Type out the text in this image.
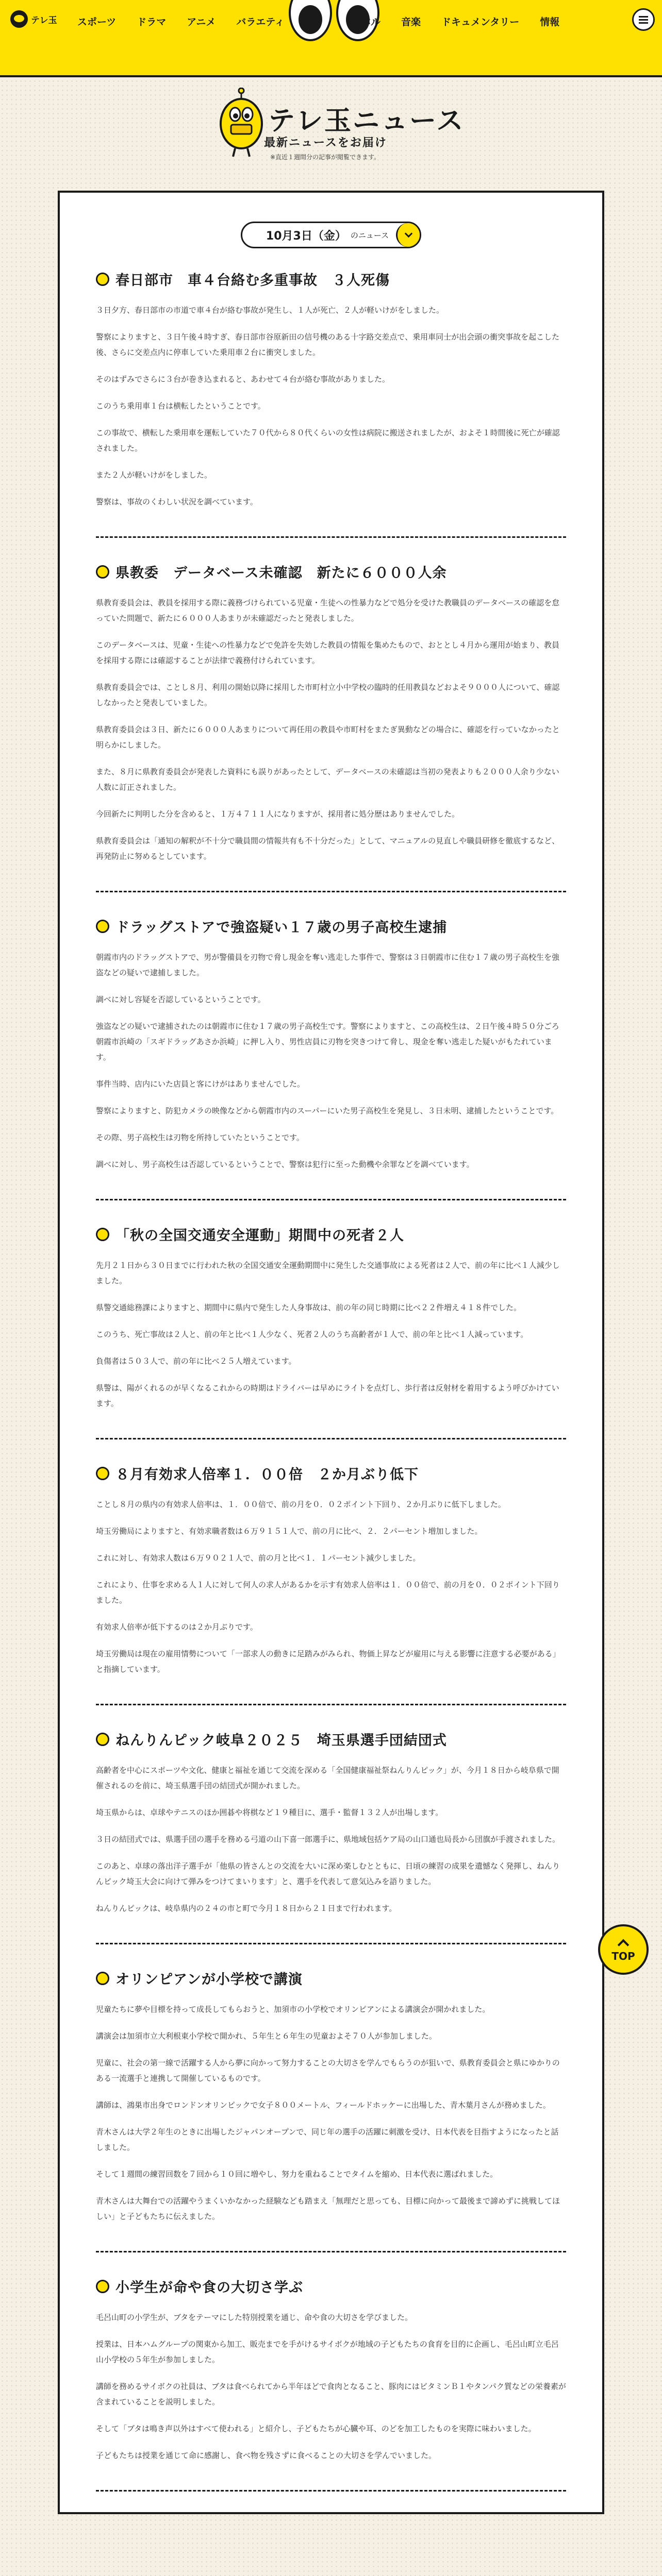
テレ玉 スポーツ ドラマ アニメ バラエティ	バル 音楽 ドキュメンタリー 情報
テレ玉ニュース
最新ニュースをお届け
※直近１週間分の記事が閲覧できます。
10月3日（金） のニュース
春日部市　車４台絡む多重事故　３人死傷

３日夕方、春日部市の市道で車４台が絡む事故が発生し、１人が死亡、２人が軽いけがをしました。

警察によりますと、３日午後４時すぎ、春日部市谷原新田の信号機のある十字路交差点で、乗用車同士が出会頭の衝突事故を起こした後、さらに交差点内に停車していた乗用車２台に衝突しました。

そのはずみでさらに３台が巻き込まれると、あわせて４台が絡む事故がありました。

このうち乗用車１台は横転したということです。

この事故で、横転した乗用車を運転していた７０代から８０代くらいの女性は病院に搬送されましたが、およそ１時間後に死亡が確認されました。

また２人が軽いけがをしました。

警察は、事故のくわしい状況を調べています。

県教委　データベース未確認　新たに６０００人余

県教育委員会は、教員を採用する際に義務づけられている児童・生徒への性暴力などで処分を受けた教職員のデータベースの確認を怠っていた問題で、新たに６０００人あまりが未確認だったと発表しました。

このデータベースは、児童・生徒への性暴力などで免許を失効した教員の情報を集めたもので、おととし４月から運用が始まり、教員を採用する際には確認することが法律で義務付けられています。

県教育委員会では、ことし８月、利用の開始以降に採用した市町村立小中学校の臨時的任用教員などおよそ９０００人について、確認しなかったと発表していました。

県教育委員会は３日、新たに６０００人あまりについて再任用の教員や市町村をまたぎ異動などの場合に、確認を行っていなかったと明らかにしました。

また、８月に県教育委員会が発表した資料にも誤りがあったとして、データベースの未確認は当初の発表よりも２０００人余り少ない人数に訂正されました。

今回新たに判明した分を含めると、１万４７１１人になりますが、採用者に処分歴はありませんでした。

県教育委員会は「通知の解釈が不十分で職員間の情報共有も不十分だった」として、マニュアルの見直しや職員研修を徹底するなど、再発防止に努めるとしています。

ドラッグストアで強盗疑い１７歳の男子高校生逮捕

朝霞市内のドラッグストアで、男が警備員を刃物で脅し現金を奪い逃走した事件で、警察は３日朝霞市に住む１７歳の男子高校生を強盗などの疑いで逮捕しました。

調べに対し容疑を否認しているということです。

強盗などの疑いで逮捕されたのは朝霞市に住む１７歳の男子高校生です。警察によりますと、この高校生は、２日午後４時５０分ごろ朝霞市浜崎の「スギドラッグあさか浜崎」に押し入り、男性店員に刃物を突きつけて脅し、現金を奪い逃走した疑いがもたれています。

事件当時、店内にいた店員と客にけがはありませんでした。

警察によりますと、防犯カメラの映像などから朝霞市内のスーパーにいた男子高校生を発見し、３日未明、逮捕したということです。

その際、男子高校生は刃物を所持していたということです。

調べに対し、男子高校生は否認しているということで、警察は犯行に至った動機や余罪などを調べています。

「秋の全国交通安全運動」期間中の死者２人

先月２１日から３０日までに行われた秋の全国交通安全運動期間中に発生した交通事故による死者は２人で、前の年に比べ１人減少しました。

県警交通総務課によりますと、期間中に県内で発生した人身事故は、前の年の同じ時期に比べ２２件増え４１８件でした。

このうち、死亡事故は２人と、前の年と比べ１人少なく、死者２人のうち高齢者が１人で、前の年と比べ１人減っています。

負傷者は５０３人で、前の年に比べ２５人増えています。

県警は、陽がくれるのが早くなるこれからの時期はドライバーは早めにライトを点灯し、歩行者は反射材を着用するよう呼びかけています。

８月有効求人倍率１．００倍　２か月ぶり低下

ことし８月の県内の有効求人倍率は、１．００倍で、前の月を０．０２ポイント下回り、２か月ぶりに低下しました。

埼玉労働局によりますと、有効求職者数は６万９１５１人で、前の月に比べ、２．２パーセント増加しました。

これに対し、有効求人数は６万９０２１人で、前の月と比べ１．１パーセント減少しました。

これにより、仕事を求める人１人に対して何人の求人があるかを示す有効求人倍率は１．００倍で、前の月を０．０２ポイント下回りました。

有効求人倍率が低下するのは２か月ぶりです。

埼玉労働局は現在の雇用情勢について「一部求人の動きに足踏みがみられ、物価上昇などが雇用に与える影響に注意する必要がある」と指摘しています。

ねんりんピック岐阜２０２５　埼玉県選手団結団式

高齢者を中心にスポーツや文化、健康と福祉を通じて交流を深める「全国健康福祉祭ねんりんピック」が、今月１８日から岐阜県で開催されるのを前に、埼玉県選手団の結団式が開かれました。

埼玉県からは、卓球やテニスのほか囲碁や将棋など１９種目に、選手・監督１３２人が出場します。

３日の結団式では、県選手団の選手を務める弓道の山下喜一郎選手に、県地域包括ケア局の山口通也局長から団旗が手渡されました。

このあと、卓球の落出洋子選手が「他県の皆さんとの交流を大いに深め楽しむとともに、日頃の練習の成果を遺憾なく発揮し、ねんりんピック埼玉大会に向けて弾みをつけてまいります」と、選手を代表して意気込みを語りました。

ねんりんピックは、岐阜県内の２４の市と町で今月１８日から２１日まで行われます。

オリンピアンが小学校で講演

児童たちに夢や目標を持って成長してもらおうと、加須市の小学校でオリンピアンによる講演会が開かれました。

講演会は加須市立大利根東小学校で開かれ、５年生と６年生の児童およそ７０人が参加しました。

児童に、社会の第一線で活躍する人から夢に向かって努力することの大切さを学んでもらうのが狙いで、県教育委員会と県にゆかりのある一流選手と連携して開催しているものです。

講師は、鴻巣市出身でロンドンオリンピックで女子８００メートル、フィールドホッケーに出場した、青木葉月さんが務めました。

青木さんは大学２年生のときに出場したジャパンオープンで、同じ年の選手の活躍に刺激を受け、日本代表を目指すようになったと話しました。

そして１週間の練習回数を７回から１０回に増やし、努力を重ねることでタイムを縮め、日本代表に選ばれました。

青木さんは大舞台での活躍やうまくいかなかった経験なども踏まえ「無理だと思っても、目標に向かって最後まで諦めずに挑戦してほしい」と子どもたちに伝えました。

小学生が命や食の大切さ学ぶ

毛呂山町の小学生が、ブタをテーマにした特別授業を通じ、命や食の大切さを学びました。

授業は、日本ハムグループの関東から加工、販売までを手がけるサイボクが地域の子どもたちの食育を目的に企画し、毛呂山町立毛呂山小学校の５年生が参加しました。

講師を務めるサイボクの社員は、ブタは食べられてから半年ほどで食肉となること、豚肉にはビタミンＢ１やタンパク質などの栄養素が含まれていることを説明しました。

そして「ブタは鳴き声以外はすべて使われる」と紹介し、子どもたちが心臓や耳、のどを加工したものを実際に味わいました。

子どもたちは授業を通じて命に感謝し、食べ物を残さずに食べることの大切さを学んでいました。

TOP
